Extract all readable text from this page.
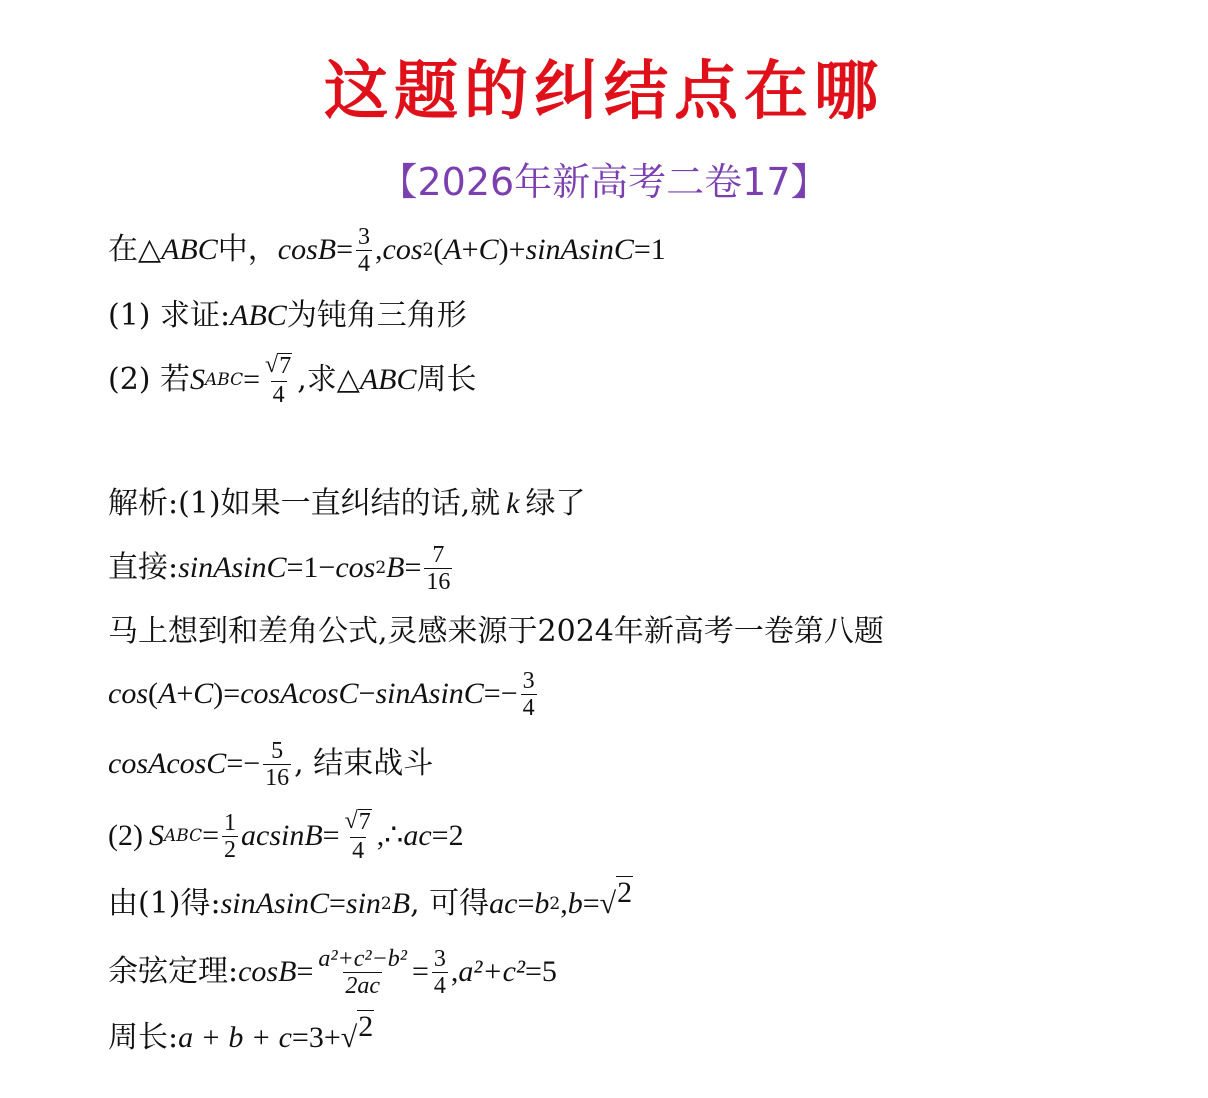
这题的纠结点在哪
【2026年新高考二卷17】
在△ ABC 中， $\cos B = \frac{3}{4}$ , cos 2 ( A + C ) + sinAsinC = 1
(1) 求证: ABC 为钝角三角形
(2) 若 S ABC = $\frac{√ 7}{4}$ ,求△ ABC 周长
解析:(1)如果一直纠结的话,就 k 绿了
直接: sinAsinC = 1 − cos 2 $B = \frac{7}{16}$
马上想到和差角公式,灵感来源于2024年新高考一卷第八题
cos ( A + C ) = cosAcosC − sinAsinC =− $\frac{3}{4}$
cosAcosC =− $\frac{5}{16}$ , 结束战斗
(2) S ABC = $\frac{1}{2}$ $acsinB = \frac{√ 7}{4}$ ,∴ ac = 2
由(1)得: sinAsinC = sin 2 B , 可得 ac = b 2 , b = √ 2
余弦定理: $\cos B = \frac{\text{a²+c²−b²}}{2ac} = \frac{3}{4}$ , a²+c² = 5
周长: a + b + c = 3 + √ 2
